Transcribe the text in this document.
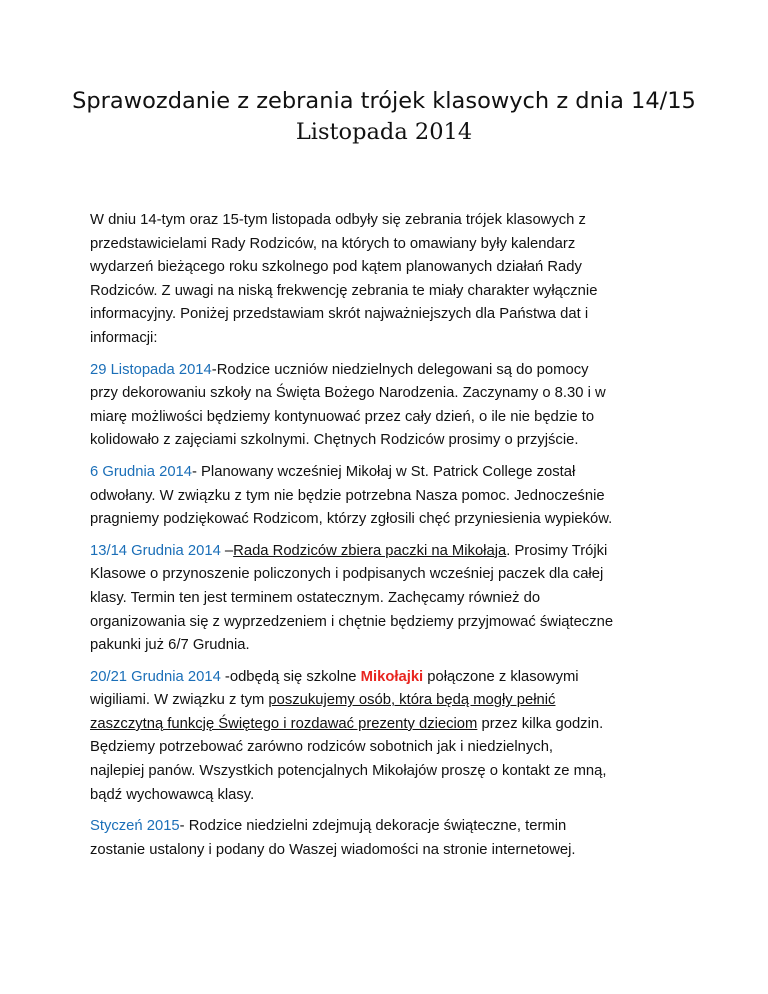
Sprawozdanie z zebrania trójek klasowych z dnia 14/15
Listopada 2014

W dniu 14-tym oraz 15-tym listopada odbyły się zebrania trójek klasowych z
przedstawicielami Rady Rodziców, na których to omawiany były kalendarz
wydarzeń bieżącego roku szkolnego pod kątem planowanych działań Rady
Rodziców. Z uwagi na niską frekwencję zebrania te miały charakter wyłącznie
informacyjny. Poniżej przedstawiam skrót najważniejszych dla Państwa dat i
informacji:

29 Listopada 2014-Rodzice uczniów niedzielnych delegowani są do pomocy
przy dekorowaniu szkoły na Święta Bożego Narodzenia. Zaczynamy o 8.30 i w
miarę możliwości będziemy kontynuować przez cały dzień, o ile nie będzie to
kolidowało z zajęciami szkolnymi. Chętnych Rodziców prosimy o przyjście.

6 Grudnia 2014- Planowany wcześniej Mikołaj w St. Patrick College został
odwołany. W związku z tym nie będzie potrzebna Nasza pomoc. Jednocześnie
pragniemy podziękować Rodzicom, którzy zgłosili chęć przyniesienia wypieków.

13/14 Grudnia 2014 –Rada Rodziców zbiera paczki na Mikołaja. Prosimy Trójki
Klasowe o przynoszenie policzonych i podpisanych wcześniej paczek dla całej
klasy. Termin ten jest terminem ostatecznym. Zachęcamy również do
organizowania się z wyprzedzeniem i chętnie będziemy przyjmować świąteczne
pakunki już 6/7 Grudnia.

20/21 Grudnia 2014 -odbędą się szkolne Mikołajki połączone z klasowymi
wigiliami. W związku z tym poszukujemy osób, która będą mogły pełnić
zaszczytną funkcję Świętego i rozdawać prezenty dzieciom przez kilka godzin.
Będziemy potrzebować zarówno rodziców sobotnich jak i niedzielnych,
najlepiej panów. Wszystkich potencjalnych Mikołajów proszę o kontakt ze mną,
bądź wychowawcą klasy.

Styczeń 2015- Rodzice niedzielni zdejmują dekoracje świąteczne, termin
zostanie ustalony i podany do Waszej wiadomości na stronie internetowej.
